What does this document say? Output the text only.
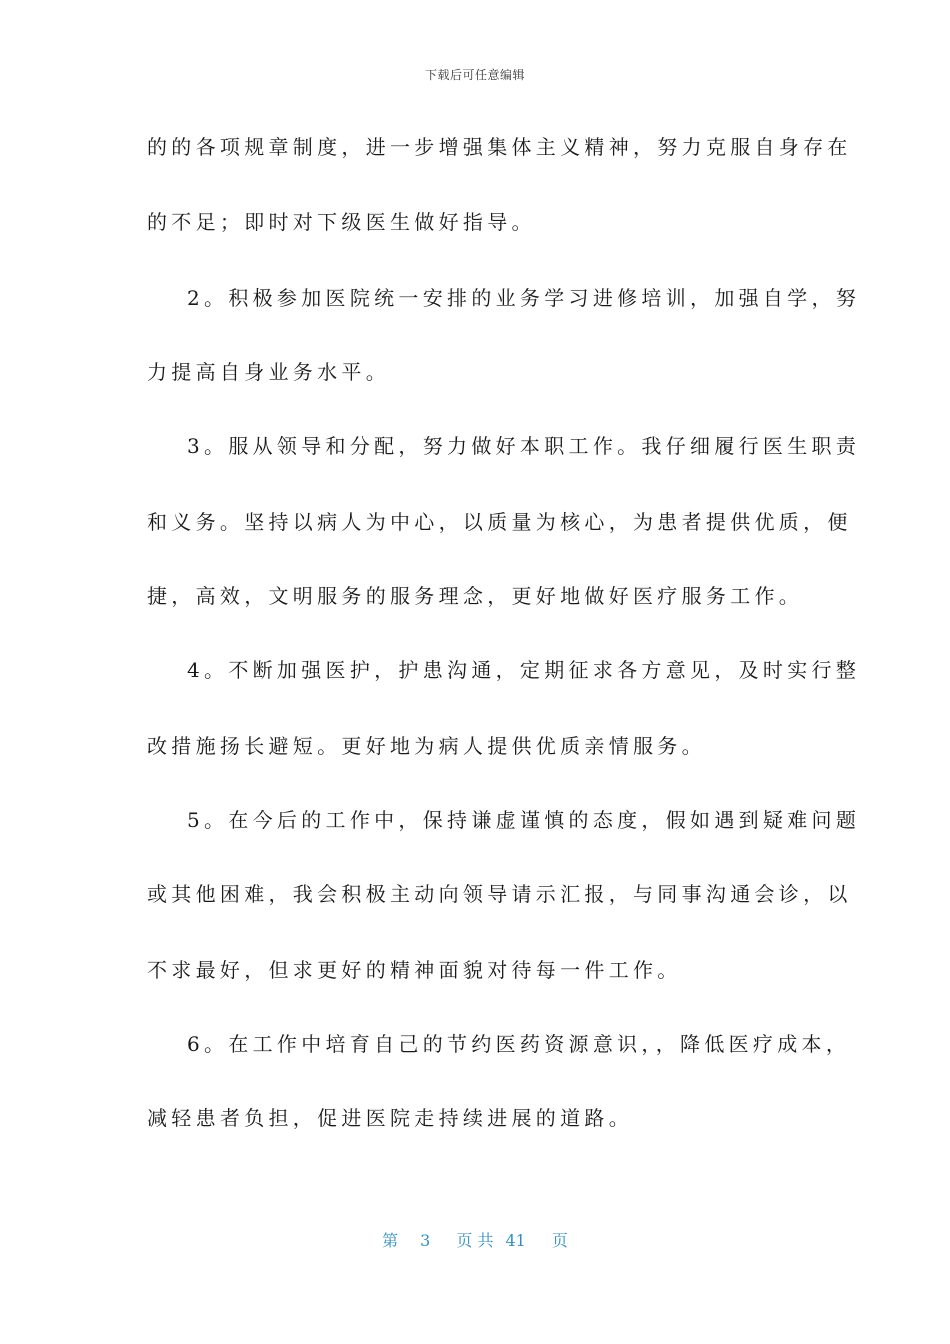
下载后可任意编辑
的的各项规章制度，进一步增强集体主义精神，努力克服自身存在
的不足；即时对下级医生做好指导。
2。积极参加医院统一安排的业务学习进修培训，加强自学，努
力提高自身业务水平。
3。服从领导和分配，努力做好本职工作。我仔细履行医生职责
和义务。坚持以病人为中心，以质量为核心，为患者提供优质，便
捷，高效，文明服务的服务理念，更好地做好医疗服务工作。
4。不断加强医护，护患沟通，定期征求各方意见，及时实行整
改措施扬长避短。更好地为病人提供优质亲情服务。
5。在今后的工作中，保持谦虚谨慎的态度，假如遇到疑难问题
或其他困难，我会积极主动向领导请示汇报，与同事沟通会诊，以
不求最好，但求更好的精神面貌对待每一件工作。
6。在工作中培育自己的节约医药资源意识，，降低医疗成本，
减轻患者负担，促进医院走持续进展的道路。
第 3 页 共 41 页
